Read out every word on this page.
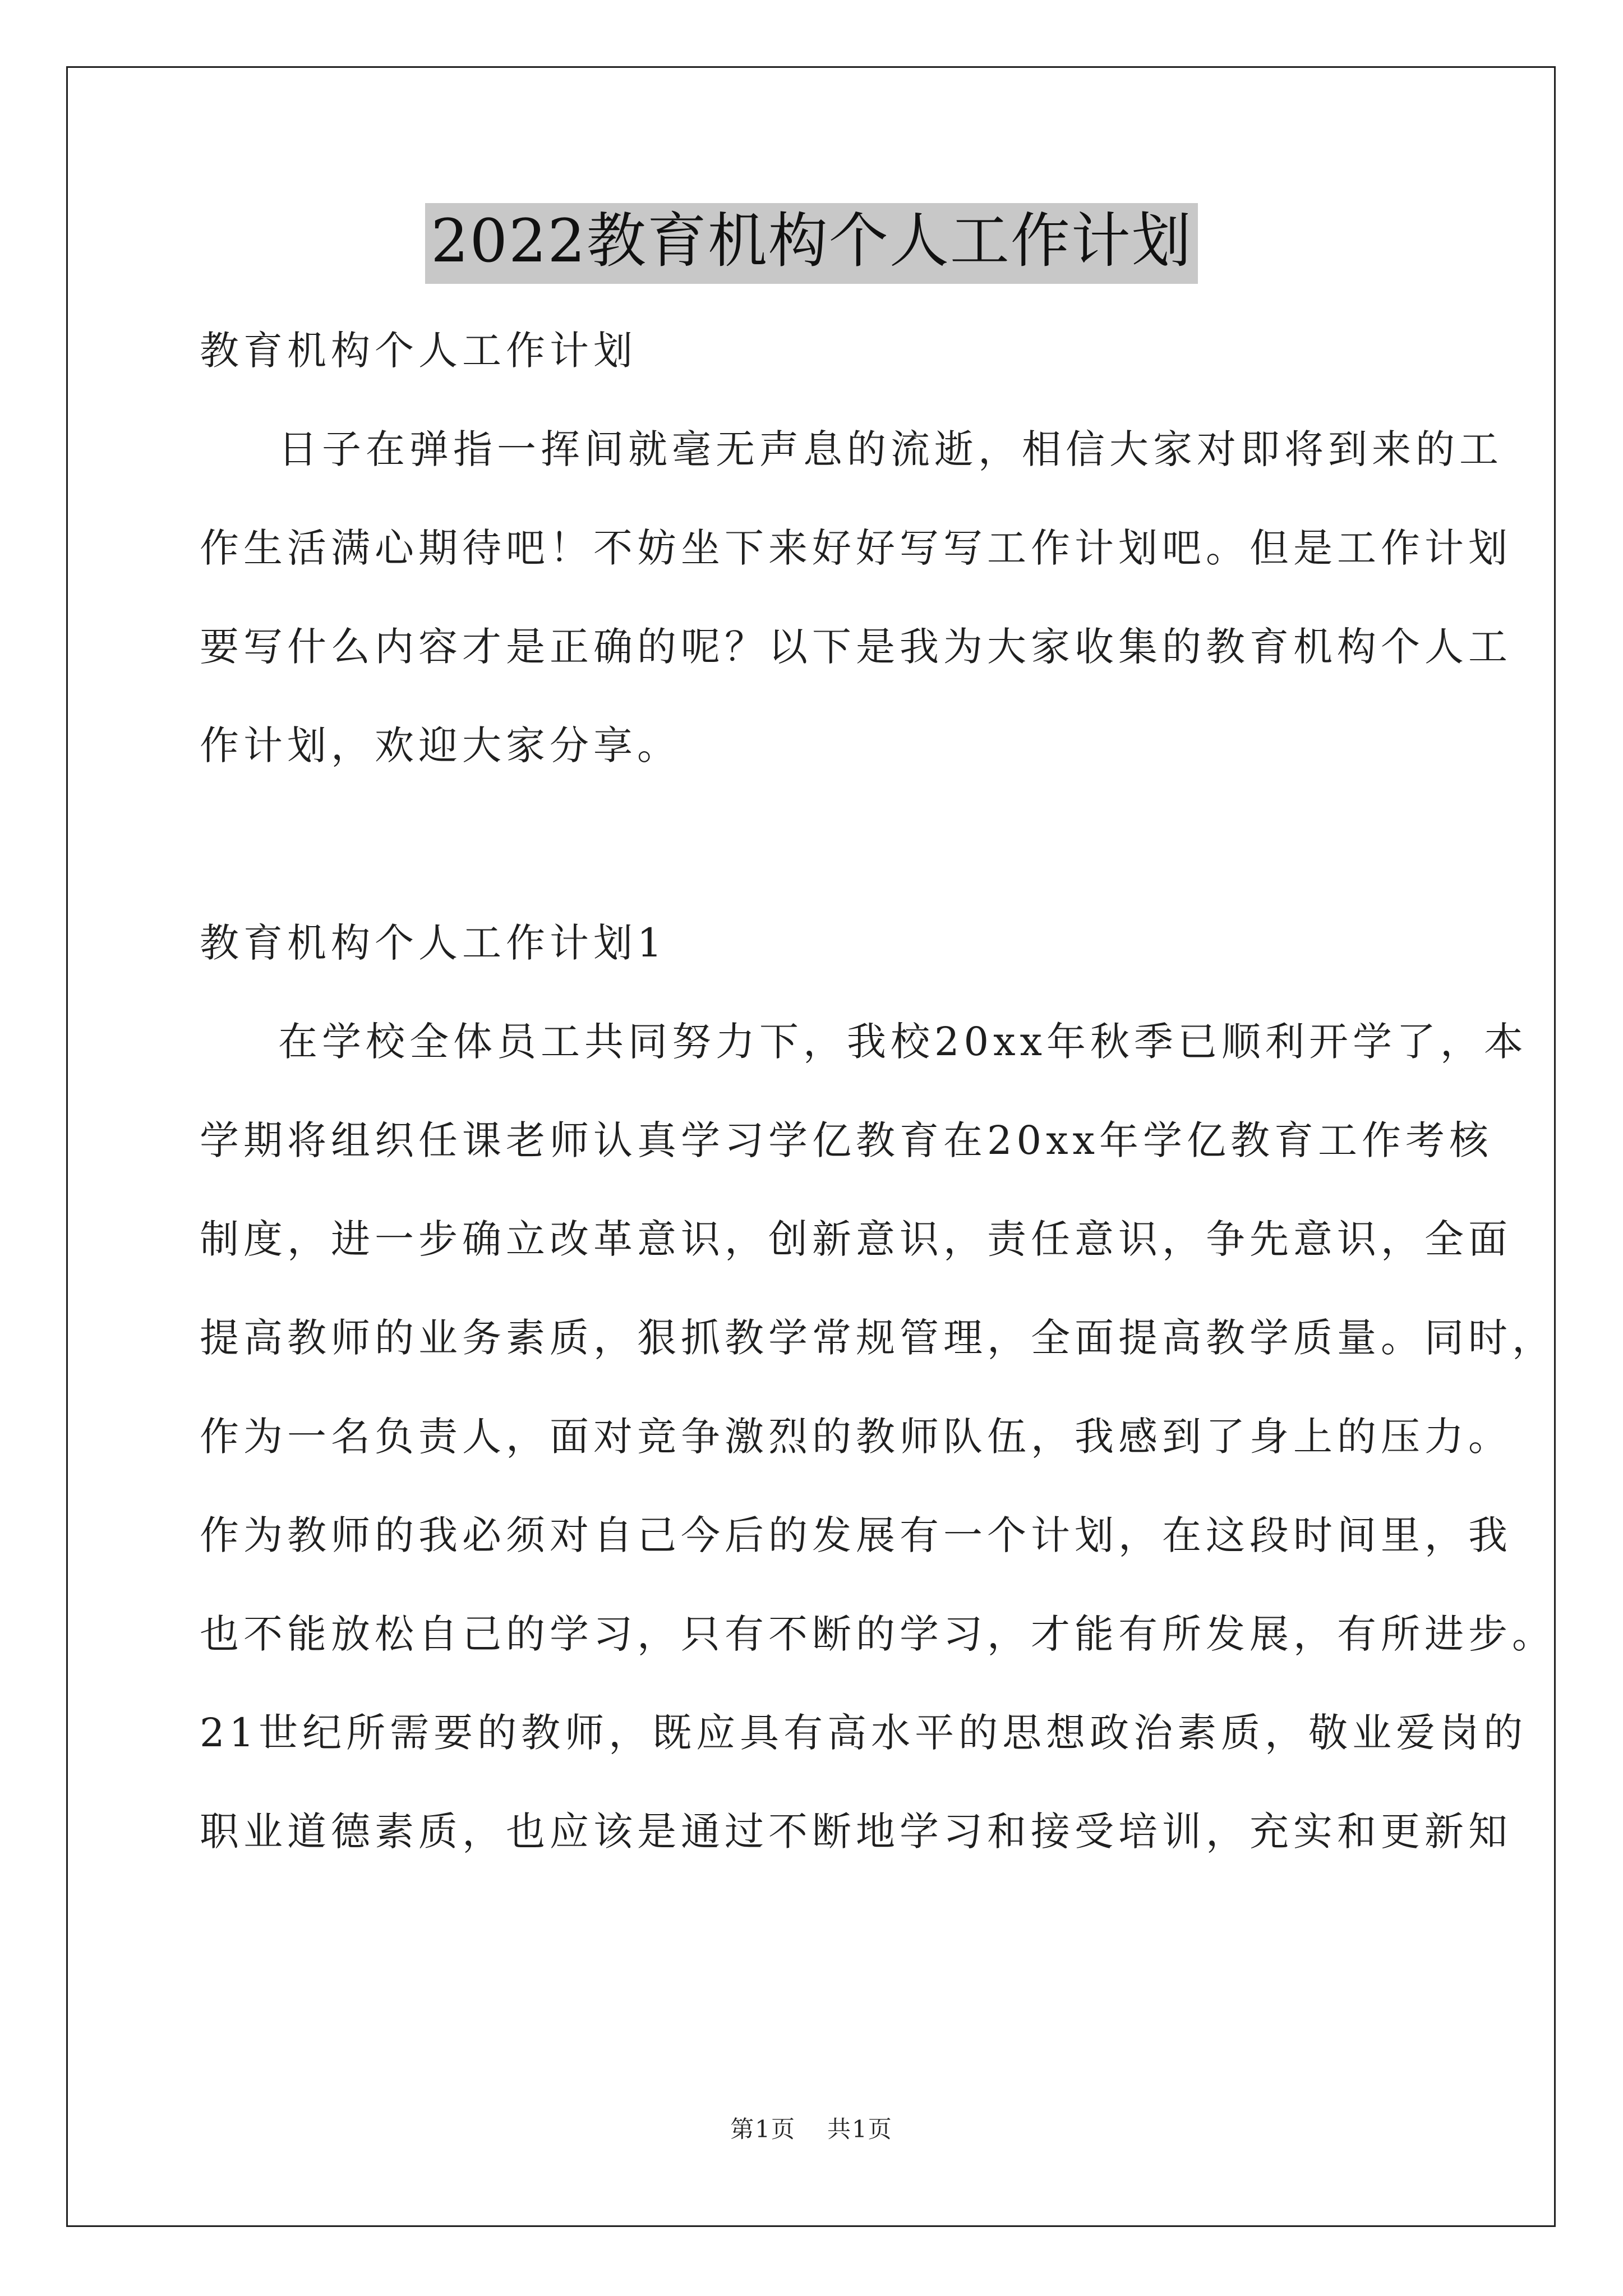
2022教育机构个人工作计划
教育机构个人工作计划
日子在弹指一挥间就毫无声息的流逝，相信大家对即将到来的工
作生活满心期待吧！不妨坐下来好好写写工作计划吧。但是工作计划
要写什么内容才是正确的呢？以下是我为大家收集的教育机构个人工
作计划，欢迎大家分享。
教育机构个人工作计划1
在学校全体员工共同努力下，我校20xx年秋季已顺利开学了，本
学期将组织任课老师认真学习学亿教育在20xx年学亿教育工作考核
制度，进一步确立改革意识，创新意识，责任意识，争先意识，全面
提高教师的业务素质，狠抓教学常规管理，全面提高教学质量。同时，
作为一名负责人，面对竞争激烈的教师队伍，我感到了身上的压力。
作为教师的我必须对自己今后的发展有一个计划，在这段时间里，我
也不能放松自己的学习，只有不断的学习，才能有所发展，有所进步。
21世纪所需要的教师，既应具有高水平的思想政治素质，敬业爱岗的
职业道德素质，也应该是通过不断地学习和接受培训，充实和更新知
第1页 共1页
